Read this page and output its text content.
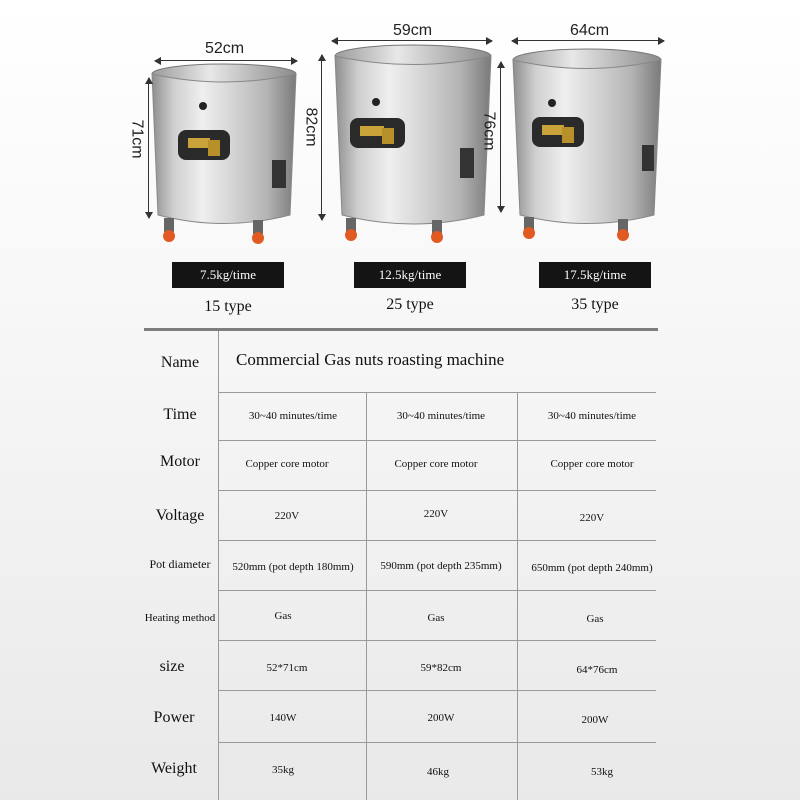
52cm
71cm
59cm
82cm
64cm
76cm
7.5kg/time	12.5kg/time	17.5kg/time
15 type	25 type	35 type
Name	Commercial Gas nuts roasting machine
Time	30~40 minutes/time	30~40 minutes/time	30~40 minutes/time
Motor	Copper core motor	Copper core motor	Copper core motor
Voltage	220V	220V	220V
Pot diameter	520mm (pot depth 180mm)	590mm (pot depth 235mm)	650mm (pot depth 240mm)
Heating method	Gas	Gas	Gas
size	52*71cm	59*82cm	64*76cm
Power	140W	200W	200W
Weight	35kg	46kg	53kg
